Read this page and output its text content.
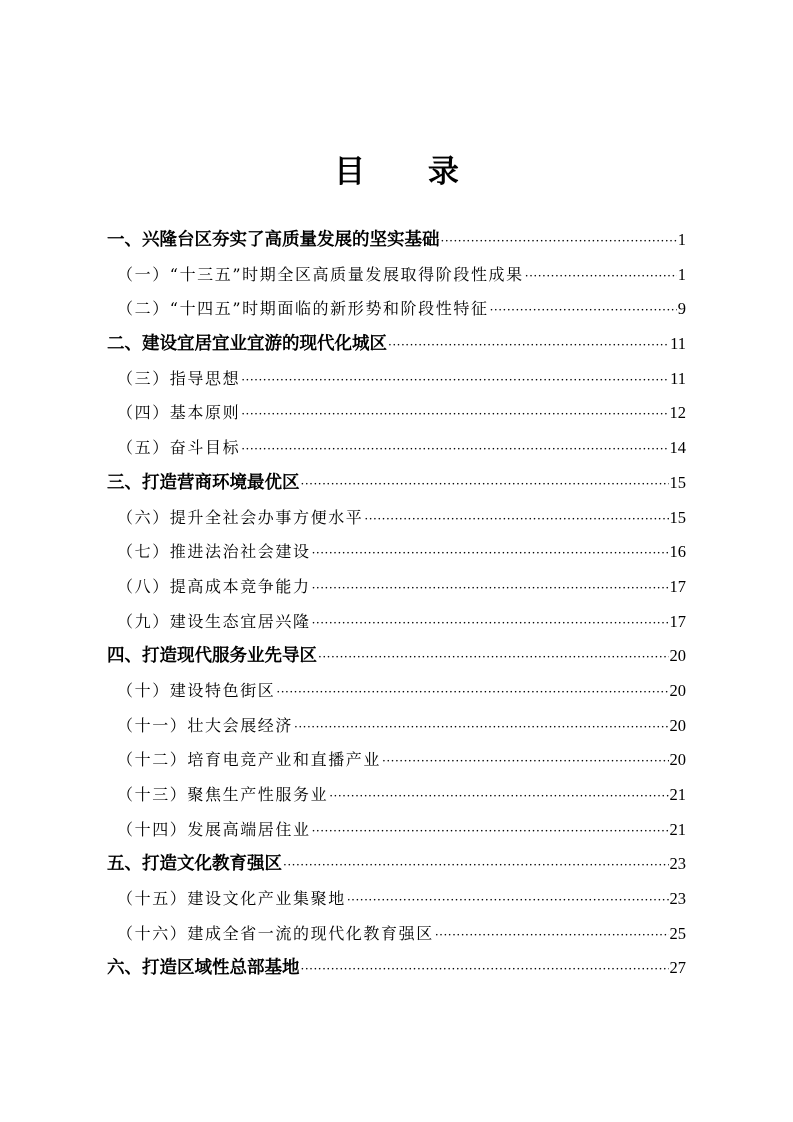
目 录
一、兴隆台区夯实了高质量发展的坚实基础 ·····	1
（一）“十三五”时期全区高质量发展取得阶段性成果 ·····	1
（二）“十四五”时期面临的新形势和阶段性特征 ·····	9
二、建设宜居宜业宜游的现代化城区 ·····	11
（三）指导思想 ·····	11
（四）基本原则 ·····	12
（五）奋斗目标 ·····	14
三、打造营商环境最优区 ·····	15
（六）提升全社会办事方便水平 ·····	15
（七）推进法治社会建设 ·····	16
（八）提高成本竞争能力 ·····	17
（九）建设生态宜居兴隆 ·····	17
四、打造现代服务业先导区 ·····	20
（十）建设特色街区 ·····	20
（十一）壮大会展经济 ·····	20
（十二）培育电竞产业和直播产业 ·····	20
（十三）聚焦生产性服务业 ·····	21
（十四）发展高端居住业 ·····	21
五、打造文化教育强区 ·····	23
（十五）建设文化产业集聚地 ·····	23
（十六）建成全省一流的现代化教育强区 ·····	25
六、打造区域性总部基地 ·····	27
